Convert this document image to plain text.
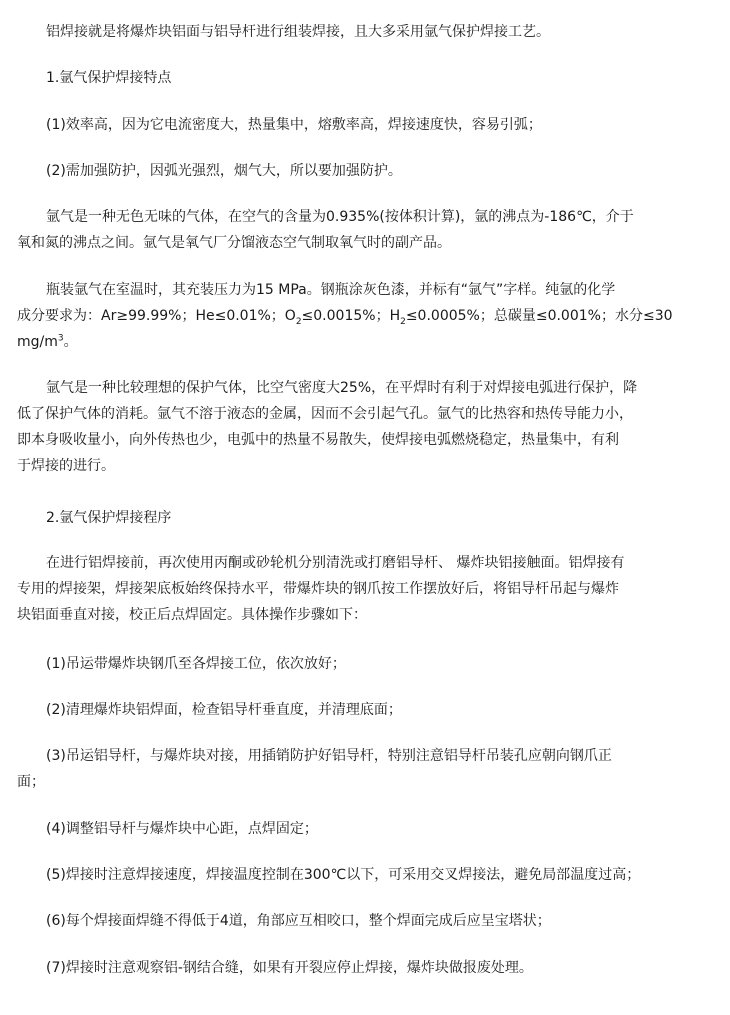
铝焊接就是将爆炸块铝面与铝导杆进行组装焊接，且大多采用氩气保护焊接工艺。

1.氩气保护焊接特点

(1)效率高，因为它电流密度大，热量集中，熔敷率高，焊接速度快，容易引弧；

(2)需加强防护，因弧光强烈，烟气大，所以要加强防护。

氩气是一种无色无味的气体，在空气的含量为0.935%(按体积计算)，氩的沸点为-186℃，介于
氧和氮的沸点之间。氩气是氧气厂分馏液态空气制取氧气时的副产品。
瓶装氩气在室温时，其充装压力为15 MPa。钢瓶涂灰色漆，并标有“氩气”字样。纯氩的化学
成分要求为：Ar≥99.99%；He≤0.01%；$O_2\le 0.0015\%$；$H_2\le 0.0005\%$；总碳量≤0.001%；水分≤30
$mg/m^3$。
氩气是一种比较理想的保护气体，比空气密度大25%，在平焊时有利于对焊接电弧进行保护，降
低了保护气体的消耗。氩气不溶于液态的金属，因而不会引起气孔。氩气的比热容和热传导能力小，
即本身吸收量小，向外传热也少，电弧中的热量不易散失，使焊接电弧燃烧稳定，热量集中，有利
于焊接的进行。

2.氩气保护焊接程序

在进行铝焊接前，再次使用丙酮或砂轮机分别清洗或打磨铝导杆、 爆炸块铝接触面。铝焊接有
专用的焊接架，焊接架底板始终保持水平，带爆炸块的钢爪按工作摆放好后，将铝导杆吊起与爆炸
块铝面垂直对接，校正后点焊固定。具体操作步骤如下：

(1)吊运带爆炸块钢爪至各焊接工位，依次放好；

(2)清理爆炸块铝焊面，检查铝导杆垂直度，并清理底面；

(3)吊运铝导杆，与爆炸块对接，用插销防护好铝导杆，特别注意铝导杆吊装孔应朝向钢爪正
面；

(4)调整铝导杆与爆炸块中心距，点焊固定；

(5)焊接时注意焊接速度，焊接温度控制在300℃以下，可采用交叉焊接法，避免局部温度过高；

(6)每个焊接面焊缝不得低于4道，角部应互相咬口，整个焊面完成后应呈宝塔状；

(7)焊接时注意观察铝-钢结合缝，如果有开裂应停止焊接，爆炸块做报废处理。
